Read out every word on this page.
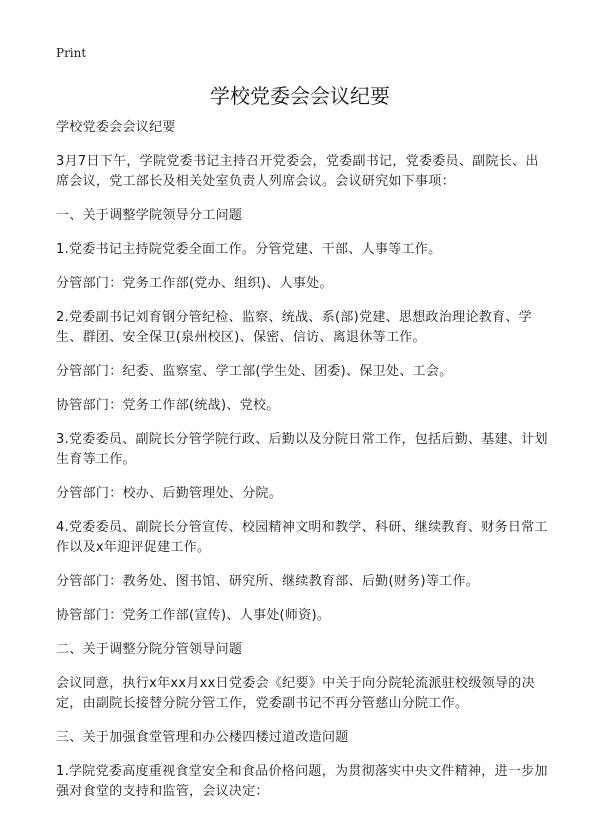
Print
学校党委会会议纪要

学校党委会会议纪要

3月7日下午，学院党委书记主持召开党委会，党委副书记，党委委员、副院长、出席会议，党工部长及相关处室负责人列席会议。会议研究如下事项：

一、关于调整学院领导分工问题

1.党委书记主持院党委全面工作。分管党建、干部、人事等工作。

分管部门：党务工作部(党办、组织)、人事处。

2.党委副书记刘育钢分管纪检、监察、统战、系(部)党建、思想政治理论教育、学生、群团、安全保卫(泉州校区)、保密、信访、离退休等工作。

分管部门：纪委、监察室、学工部(学生处、团委)、保卫处、工会。

协管部门：党务工作部(统战)、党校。

3.党委委员、副院长分管学院行政、后勤以及分院日常工作，包括后勤、基建、计划生育等工作。

分管部门：校办、后勤管理处、分院。

4.党委委员、副院长分管宣传、校园精神文明和教学、科研、继续教育、财务日常工作以及x年迎评促建工作。

分管部门：教务处、图书馆、研究所、继续教育部、后勤(财务)等工作。

协管部门：党务工作部(宣传)、人事处(师资)。

二、关于调整分院分管领导问题

会议同意，执行x年xx月xx日党委会《纪要》中关于向分院轮流派驻校级领导的决定，由副院长接替分院分管工作，党委副书记不再分管慈山分院工作。

三、关于加强食堂管理和办公楼四楼过道改造问题

1.学院党委高度重视食堂安全和食品价格问题，为贯彻落实中央文件精神，进一步加强对食堂的支持和监管，会议决定：
